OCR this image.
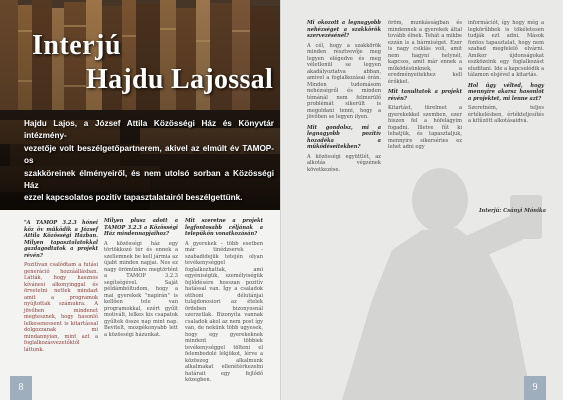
Interjú
Hajdu Lajossal
Hajdu Lajos, a József Attila Közösségi Ház és Könyvtár intézmény-
vezetője volt beszélgetőpartnerem, akivel az elmúlt év TAMOP-os
szakköreinek élményeiről, és nem utolsó sorban a Közösségi Ház
ezzel kapcsolatos pozitív tapasztalatairól beszélgettünk.
"A TAMOP 3.2.3 hónei köz öv működik a József Attila Közösségi Házban. Milyen tapasztalatokkal gazdagodtatok a projekt révén?
Pozitívan csalódtam a futási generáció hozzáállásban. Látták, hogy hasznos kívánesi alkonyinggal és örvetetni nettek mindazt amit a programok nyújtottak számukra. A jövőben mindenet megtesznek, hogy hasonló lelkesenessent is kitartással dolgozzanak mi mindannyian, mint azt a foglalkozásvezetőktől láttunk.
Milyen plusz adott a TAMOP 3.2.3 a Közösségi Ház mindennapjaihoz?
A közösségi ház egy törtökkozó tér és ennek a szellemnek be kell jármia az újabt minden napjai. Nos ez nagy örömünkre megtörtént a TAMOP 3.2.3 segítségével. Saját példámbóltudom, hogy a mai gyerekek "napirán" is kellően tele van programokkal, ezért gyűlt motivált, lelkes kis csapatok gyűltek össze nap mint nap. Bevitelt, mozgékonyabb lett a közösségi házunkat.
Mit szeretne a projekt legfontosabb céljának a telepükön vonatkozásán?
A gyerekek - több esetben már tinédzserek - szabadidejük tetején olyan tevékenységgel foglalkozhattak, ami egyéniségük, személyiségük fejlődésére hosszan pozitív hatással van. Így a csaladok otthoni délutánjai tulajdonosiori az ételek ördeben bizonyosnál szerzetlak. Bizonyíta vannak csaladok akol az nem post így van, de nekünk több ugyesek, hogy egy gyerekeknek mindent többiek tevékenységgel tölteni el felembodolé lékjükot, lérve a közöszeg alkalmunk alkalmakat ellenétérkezelni határait egy fejlődő közegben.
8
Mi okozott a legnagyobb nehézséget a szakkörök szervezésénél?
A cél, hogy a szakkörök minden résztvevője meg legyen elégedve és meg véletlenül se legyen akadályoztatva abban, amivel a foglalkozásai órán. Minden tudomásom nehézségről és minden témánál nem felmerülő problémát sikerült is megoldani tenni, hogy a jövőben se legyen ilyen.
Mit gondolsz, mi a legnagyobb pozitív hozadéka a működéseitekben?
A közösségi együttlét, az alkotás végzének következése.
öröm, munkásságban és mindennek a gyerekek által tovább élnek. Tehát a mikbe ezzán is a bármiséget. Ezer is nagy csiklás voli, amit nem hagyni helynél, kapcsos, amit már ennek a működésünknek, a eredményeitekhez kell érőkkel.
Mit tanultatok a projekt révén?
Kitartást, türelmet a gyerekekkel szemben, ezer hiszen fel a hófelágyim fogadni. Illetve fűt ki lehatjük, és tapasztaljuk, mennyire sikerséries ez lehet adni egy
információt, így hogy még a legkörűbbek is tökéletesen tudják ezt adni. Mások fontos tapasztalat, hogy nem szabad megfelelő elvárni. Amikor újdonságokat eszközeink egy foglalkozást eluditani. Ide a kapcsolódik a tálamon elsjével a kitartás.
Hol ügy vélted, hogy mennyire akarsz hasonlót a projektet, mi lenne azt?
Szeretném, teljes értékelésben, értékteljesítés a kitűzött alkotásaidvá.
Interjú: Csányi Mónika
9
